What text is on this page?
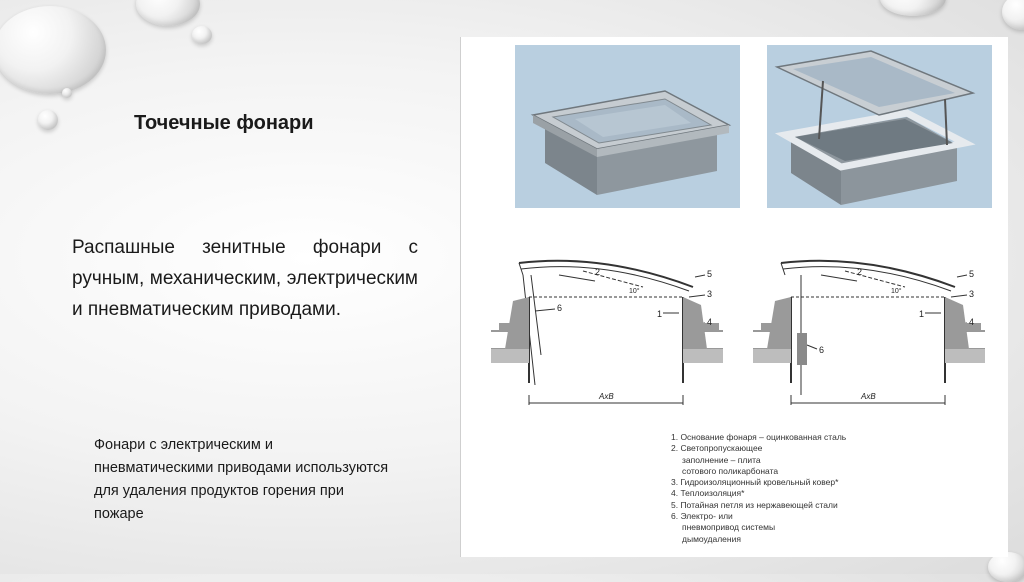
Точечные фонари
Распашные зенитные фонари с ручным, механическим, электрическим и пневматическим приводами.
Фонари с электрическим и пневматическими приводами используются для удаления продуктов горения при пожаре
2
6
1
5
3
4
10°
АхВ
2
6
1
5
3
4
10°
АхВ
1. Основание фонаря – оцинкованная сталь
2. Светопропускающее
заполнение – плита
сотового поликарбоната
3. Гидроизоляционный кровельный ковер*
4. Теплоизоляция*
5. Потайная петля из нержавеющей стали
6. Электро- или
пневмопривод системы
дымоудаления
